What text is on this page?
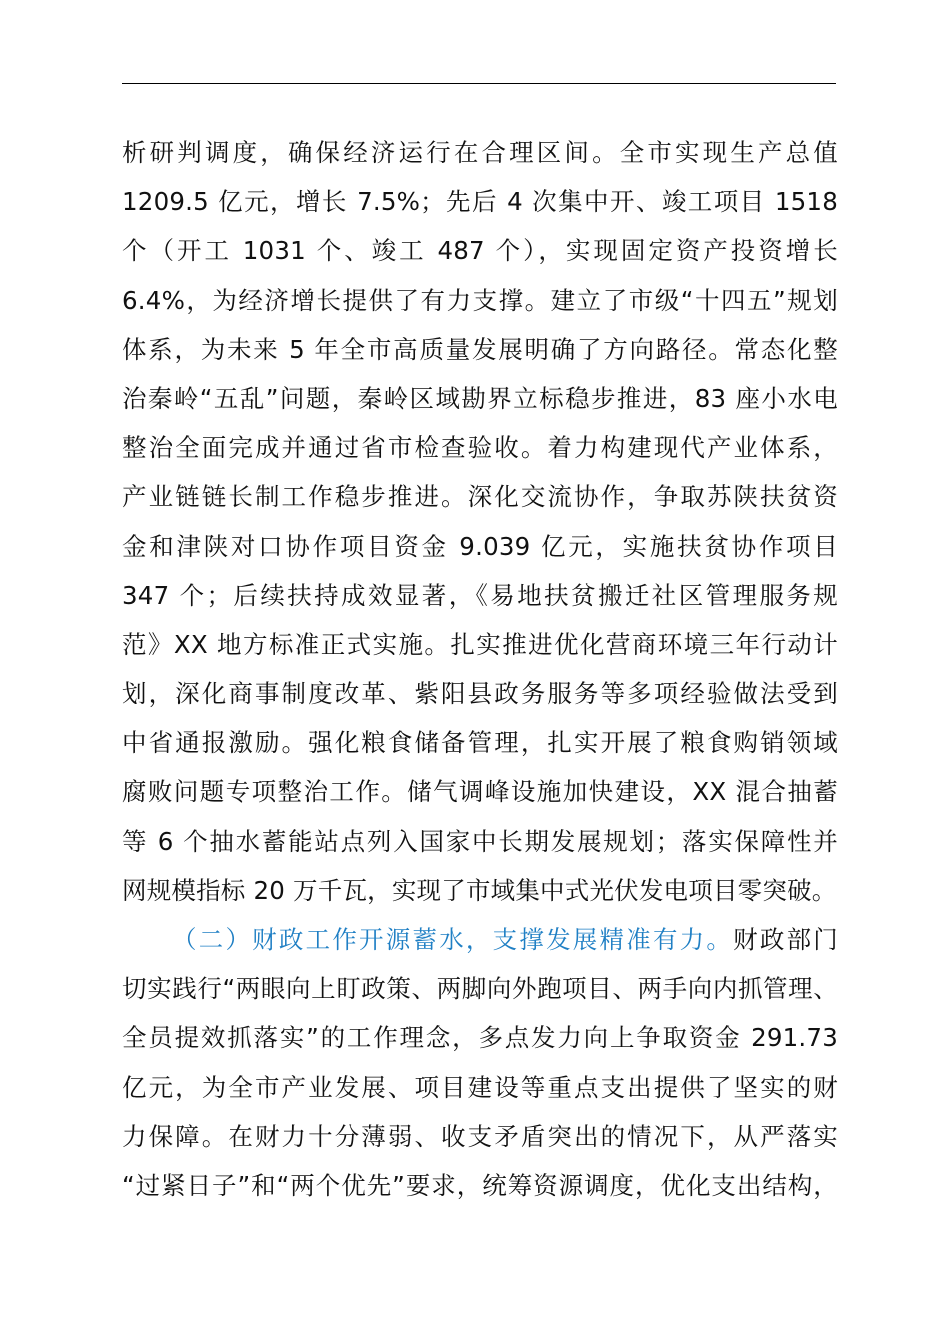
析研判调度，确保经济运行在合理区间。全市实现生产总值
1209.5 亿元，增长 7.5%；先后 4 次集中开、竣工项目 1518
个（开工 1031 个、竣工 487 个），实现固定资产投资增长
6.4%，为经济增长提供了有力支撑。建立了市级“十四五”规划
体系，为未来 5 年全市高质量发展明确了方向路径。常态化整
治秦岭“五乱”问题，秦岭区域勘界立标稳步推进，83 座小水电
整治全面完成并通过省市检查验收。着力构建现代产业体系，
产业链链长制工作稳步推进。深化交流协作，争取苏陕扶贫资
金和津陕对口协作项目资金 9.039 亿元，实施扶贫协作项目
347 个；后续扶持成效显著，《易地扶贫搬迁社区管理服务规
范》XX 地方标准正式实施。扎实推进优化营商环境三年行动计
划，深化商事制度改革、紫阳县政务服务等多项经验做法受到
中省通报激励。强化粮食储备管理，扎实开展了粮食购销领域
腐败问题专项整治工作。储气调峰设施加快建设，XX 混合抽蓄
等 6 个抽水蓄能站点列入国家中长期发展规划；落实保障性并
网规模指标 20 万千瓦，实现了市域集中式光伏发电项目零突破。
（二）财政工作开源蓄水，支撑发展精准有力。财政部门
切实践行“两眼向上盯政策、两脚向外跑项目、两手向内抓管理、
全员提效抓落实”的工作理念，多点发力向上争取资金 291.73
亿元，为全市产业发展、项目建设等重点支出提供了坚实的财
力保障。在财力十分薄弱、收支矛盾突出的情况下，从严落实
“过紧日子”和“两个优先”要求，统筹资源调度，优化支出结构，
